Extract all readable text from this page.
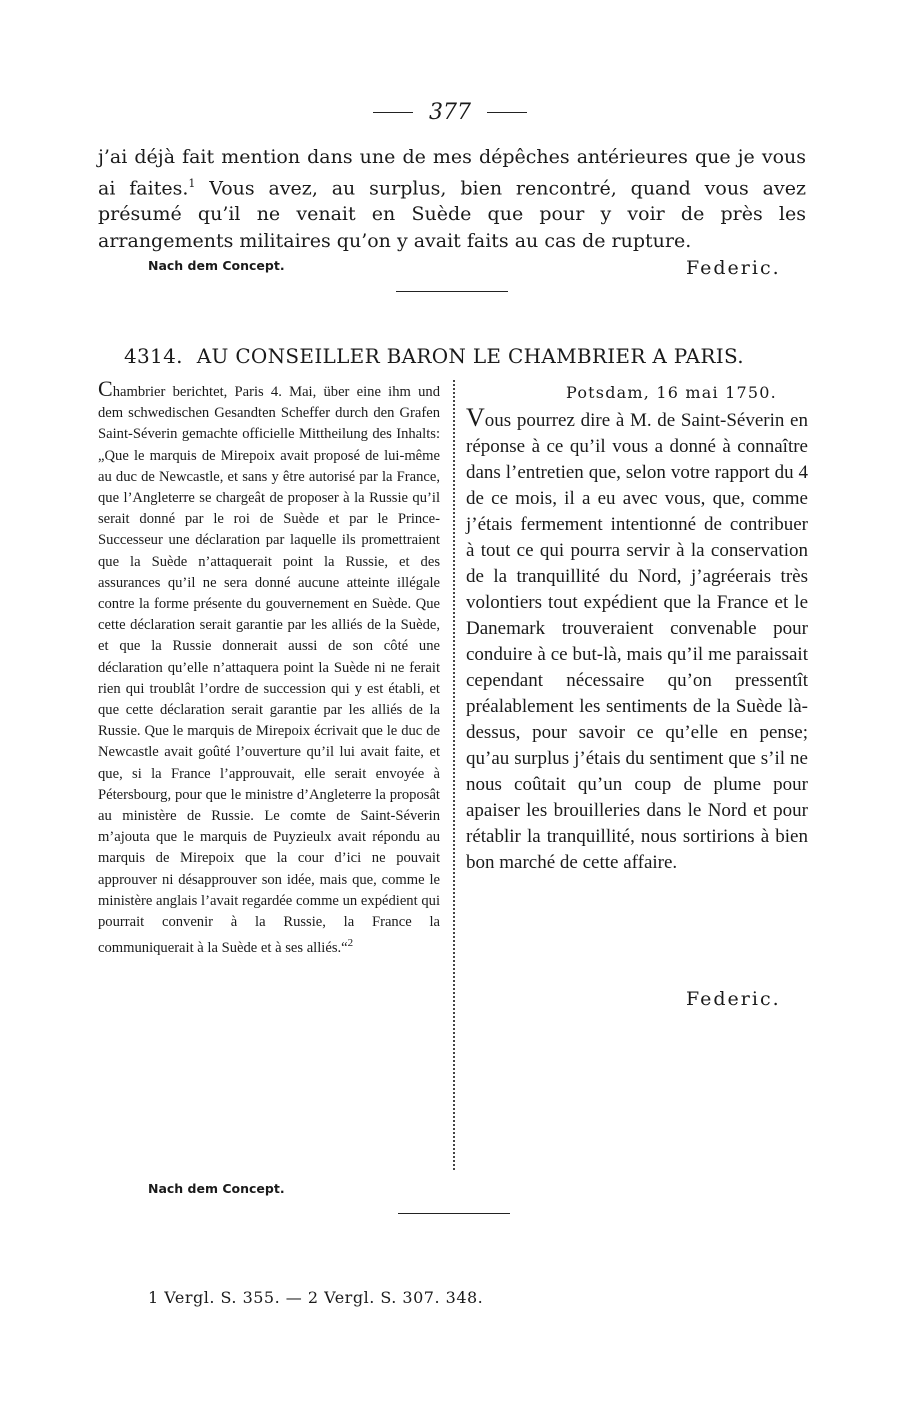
377
j’ai déjà fait mention dans une de mes dépêches antérieures que je vous ai faites.$^1$ Vous avez, au surplus, bien rencontré, quand vous avez présumé qu’il ne venait en Suède que pour y voir de près les arrangements militaires qu’on y avait faits au cas de rupture.
Nach dem Concept.	Federic.
4314. AU CONSEILLER BARON LE CHAMBRIER A PARIS.
Chambrier berichtet, Paris 4. Mai, über eine ihm und dem schwedischen Gesandten Scheffer durch den Grafen Saint-Séverin gemachte officielle Mittheilung des Inhalts: „Que le marquis de Mirepoix avait proposé de lui-même au duc de Newcastle, et sans y être autorisé par la France, que l’Angleterre se chargeât de proposer à la Russie qu’il serait donné par le roi de Suède et par le Prince-Successeur une déclaration par laquelle ils promettraient que la Suède n’attaquerait point la Russie, et des assurances qu’il ne sera donné aucune atteinte illégale contre la forme présente du gouvernement en Suède. Que cette déclaration serait garantie par les alliés de la Suède, et que la Russie donnerait aussi de son côté une déclaration qu’elle n’attaquera point la Suède ni ne ferait rien qui troublât l’ordre de succession qui y est établi, et que cette déclaration serait garantie par les alliés de la Russie. Que le marquis de Mirepoix écrivait que le duc de Newcastle avait goûté l’ouverture qu’il lui avait faite, et que, si la France l’approuvait, elle serait envoyée à Pétersbourg, pour que le ministre d’Angleterre la proposât au ministère de Russie. Le comte de Saint-Séverin m’ajouta que le marquis de Puyzieulx avait répondu au marquis de Mirepoix que la cour d’ici ne pouvait approuver ni désapprouver son idée, mais que, comme le ministère anglais l’avait regardée comme un expédient qui pourrait convenir à la Russie, la France la communiquerait à la Suède et à ses alliés.“$^2$
Nach dem Concept.
Potsdam, 16 mai 1750.
Vous pourrez dire à M. de Saint-Séverin en réponse à ce qu’il vous a donné à connaître dans l’entretien que, selon votre rapport du 4 de ce mois, il a eu avec vous, que, comme j’étais fermement intentionné de contribuer à tout ce qui pourra servir à la conservation de la tranquillité du Nord, j’agréerais très volontiers tout expédient que la France et le Danemark trouveraient convenable pour conduire à ce but-là, mais qu’il me paraissait cependant nécessaire qu’on pressentît préalablement les sentiments de la Suède là-dessus, pour savoir ce qu’elle en pense; qu’au surplus j’étais du sentiment que s’il ne nous coûtait qu’un coup de plume pour apaiser les brouilleries dans le Nord et pour rétablir la tranquillité, nous sortirions à bien bon marché de cette affaire.
Federic.
1 Vergl. S. 355. — 2 Vergl. S. 307. 348.
